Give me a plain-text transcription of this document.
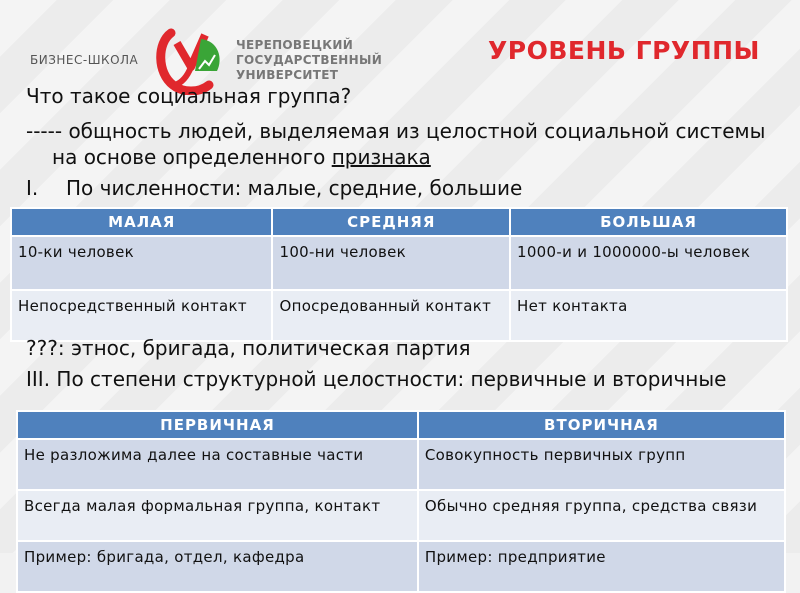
БИЗНЕС-ШКОЛА
ЧЕРЕПОВЕЦКИЙ
ГОСУДАРСТВЕННЫЙ
УНИВЕРСИТЕТ
УРОВЕНЬ ГРУППЫ
Что такое социальная группа?
----- общность людей, выделяемая из целостной социальной системы
на основе определенного признака
I. По численности: малые, средние, большие
МАЛАЯ	СРЕДНЯЯ	БОЛЬШАЯ
10-ки человек	100-ни человек	1000-и и 1000000-ы человек
Непосредственный контакт	Опосредованный контакт	Нет контакта
???: этнос, бригада, политическая партия
III. По степени структурной целостности: первичные и вторичные
ПЕРВИЧНАЯ	ВТОРИЧНАЯ
Не разложима далее на составные части	Совокупность первичных групп
Всегда малая формальная группа, контакт	Обычно средняя группа, средства связи
Пример: бригада, отдел, кафедра	Пример: предприятие
